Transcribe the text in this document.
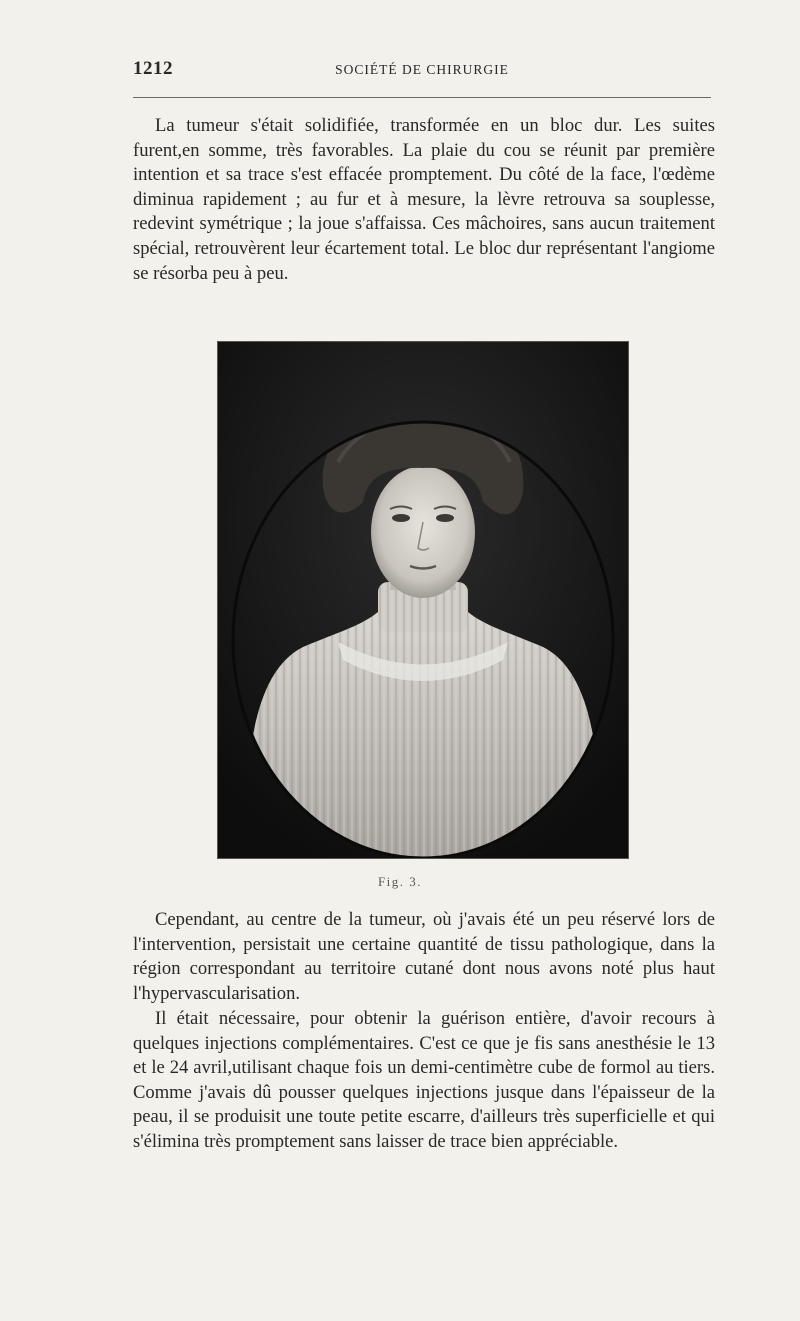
1212	SOCIÉTÉ DE CHIRURGIE

La tumeur s'était solidifiée, transformée en un bloc dur. Les suites furent,en somme, très favorables. La plaie du cou se réunit par première intention et sa trace s'est effacée promptement. Du côté de la face, l'œdème diminua rapidement ; au fur et à mesure, la lèvre retrouva sa souplesse, redevint symétrique ; la joue s'affaissa. Ces mâchoires, sans aucun traitement spécial, retrouvèrent leur écartement total. Le bloc dur représentant l'angiome se résorba peu à peu.

Fig. 3.

Cependant, au centre de la tumeur, où j'avais été un peu réservé lors de l'intervention, persistait une certaine quantité de tissu pathologique, dans la région correspondant au territoire cutané dont nous avons noté plus haut l'hypervascularisation.

Il était nécessaire, pour obtenir la guérison entière, d'avoir recours à quelques injections complémentaires. C'est ce que je fis sans anesthésie le 13 et le 24 avril,utilisant chaque fois un demi-centimètre cube de formol au tiers. Comme j'avais dû pousser quelques injections jusque dans l'épaisseur de la peau, il se produisit une toute petite escarre, d'ailleurs très superficielle et qui s'élimina très promptement sans laisser de trace bien appréciable.
